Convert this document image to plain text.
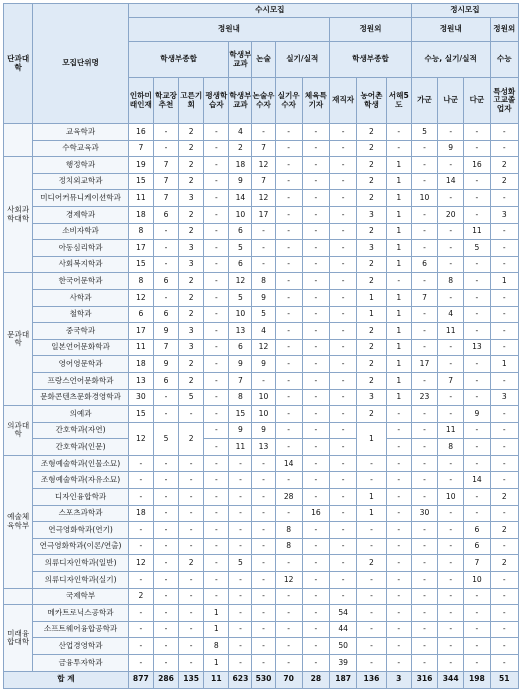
단과대학	모집단위명	수시모집											정시모집			
		정원내								정원외			정원내			정원외
		학생부종합				학생부교과	논술	실기/실적		학생부종합			수능, 실기/실적			수능
		인하미래인재	학교장추천	고른기회	평생학습자	학생부교과	논술우수자	실기우수자	체육특기자	재직자	농어촌학생	서해5도	가군	나군	다군	특성화고교졸업자
	교육학과	16	-	2	-	4	-	-	-	-	2	-	5	-	-	-
	수학교육과	7	-	2	-	2	7	-	-	-	2	-	-	9	-	-
사회과학대학	행정학과	19	7	2	-	18	12	-	-	-	2	1	-	-	16	2
	정치외교학과	15	7	2	-	9	7	-	-	-	2	1	-	14	-	2
	미디어커뮤니케이션학과	11	7	3	-	14	12	-	-	-	2	1	10	-	-	-
	경제학과	18	6	2	-	10	17	-	-	-	3	1	-	20	-	3
	소비자학과	8	-	2	-	6	-	-	-	-	2	1	-	-	11	-
	아동심리학과	17	-	3	-	5	-	-	-	-	3	1	-	-	5	-
	사회복지학과	15	-	3	-	6	-	-	-	-	2	1	6	-	-	-
문과대학	한국어문학과	8	6	2	-	12	8	-	-	-	2	-	-	8	-	1
	사학과	12	-	2	-	5	9	-	-	-	1	1	7	-	-	-
	철학과	6	6	2	-	10	5	-	-	-	1	1	-	4	-	-
	중국학과	17	9	3	-	13	4	-	-	-	2	1	-	11	-	-
	일본언어문화학과	11	7	3	-	6	12	-	-	-	2	1	-	-	13	-
	영어영문학과	18	9	2	-	9	9	-	-	-	2	1	17	-	-	1
	프랑스언어문화학과	13	6	2	-	7	-	-	-	-	2	1	-	7	-	-
	문화콘텐츠문화경영학과	30	-	5	-	8	10	-	-	-	3	1	23	-	-	3
의과대학	의예과	15	-	-	-	15	10	-	-	-	2	-	-	-	9	-
	간호학과(자연)	12	5	2	-	9	9	-	-	-	1	-	-	11	-	-
	간호학과(인문)				-	11	13	-	-	-		-	-	8	-	-
예술체육학부	조형예술학과(인물소묘)	-	-	-	-	-	-	14	-	-	-	-	-	-	-	-
	조형예술학과(자유소묘)	-	-	-	-	-	-	-	-	-	-	-	-	-	14	-
	디자인융합학과	-	-	-	-	-	-	28	-	-	1	-	-	10	-	2
	스포츠과학과	18	-	-	-	-	-	-	16	-	1	-	30	-	-	-
	연극영화학과(연기)	-	-	-	-	-	-	8	-	-	-	-	-	-	6	2
	연극영화학과(이론/연출)	-	-	-	-	-	-	8	-	-	-	-	-	-	6	-
	의류디자인학과(일반)	12	-	2	-	5	-	-	-	-	2	-	-	-	7	2
	의류디자인학과(실기)	-	-	-	-	-	-	12	-	-	-	-	-	-	10	-
	국제학부	2	-	-	-	-	-	-	-	-	-	-	-	-	-	-
미래융합대학	메카트로닉스공학과	-	-	-	1	-	-	-	-	54	-	-	-	-	-	-
	소프트웨어융합공학과	-	-	-	1	-	-	-	-	44	-	-	-	-	-	-
	산업경영학과	-	-	-	8	-	-	-	-	50	-	-	-	-	-	-
	금융투자학과	-	-	-	1	-	-	-	-	39	-	-	-	-	-	-
합 계		877	286	135	11	623	530	70	28	187	136	3	316	344	198	51
